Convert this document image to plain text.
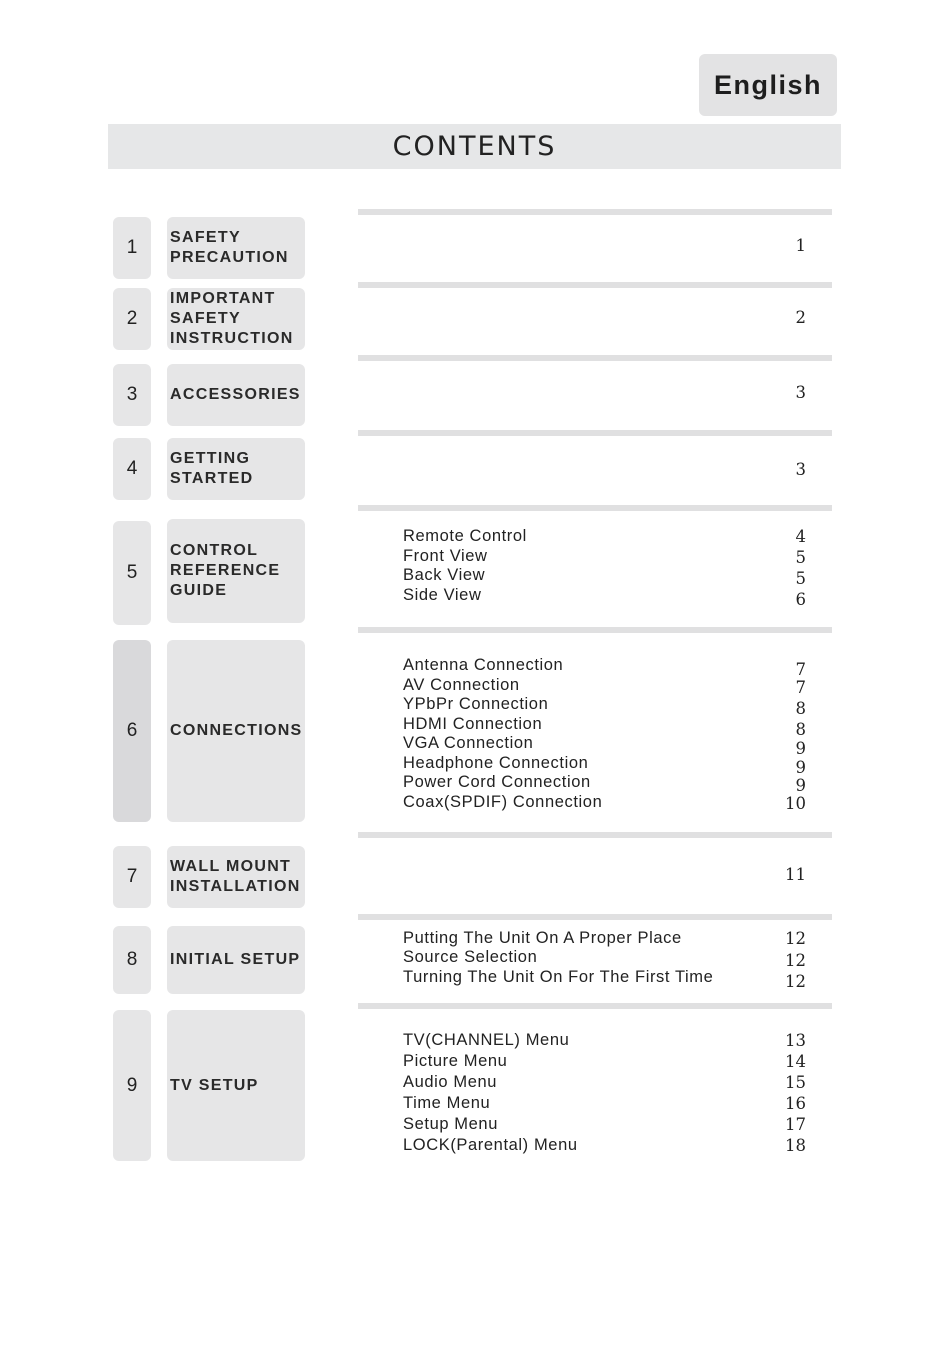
English
CONTENTS
1 SAFETY
PRECAUTION
1
2
IMPORTANT
SAFETY
INSTRUCTION
2
3 ACCESSORIES	3
4 GETTING
STARTED	3
5
CONTROL
REFERENCE
GUIDE
Remote Control
Front View
Back View
Side View
4
5
5
6
6 CONNECTIONS
Antenna Connection
AV Connection
YPbPr Connection
HDMI Connection
VGA Connection
Headphone Connection
Power Cord Connection
Coax(SPDIF) Connection
7
7
8
8
9
9
9
10
7 WALL MOUNT
INSTALLATION
11
8 INITIAL SETUP
Putting The Unit On A Proper Place
Source Selection
Turning The Unit On For The First Time
12
12
12
9 TV SETUP
TV(CHANNEL) Menu
Picture Menu
Audio Menu
Time Menu
Setup Menu
LOCK(Parental) Menu
13
14
15
16
17
18
